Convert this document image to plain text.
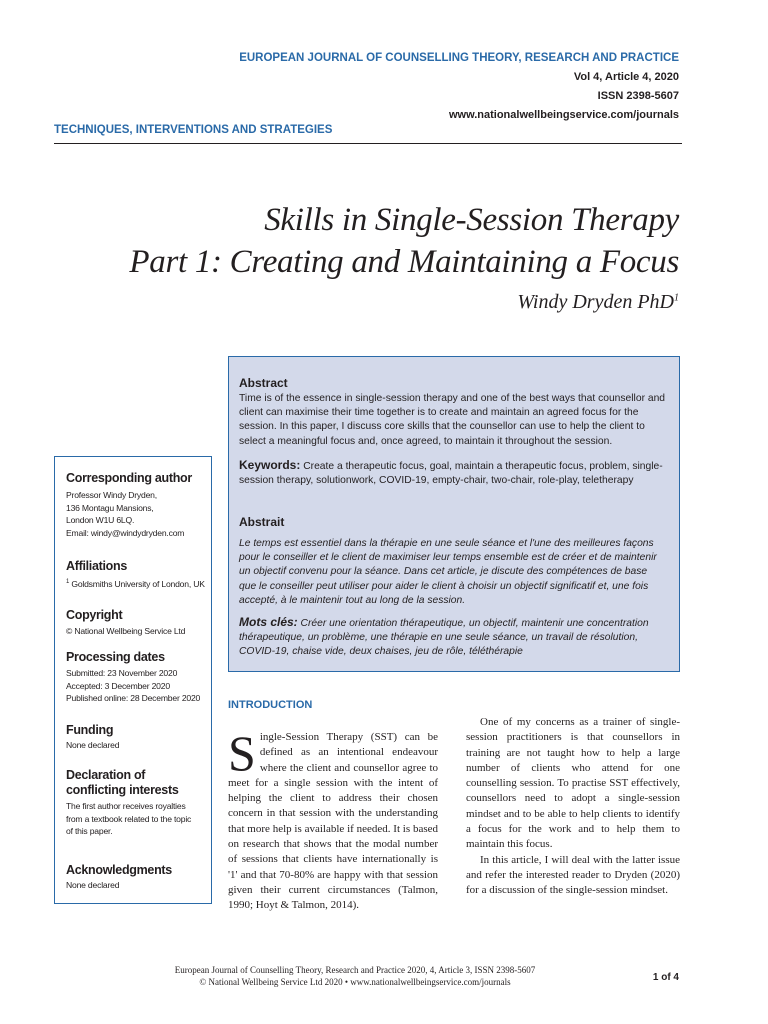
EUROPEAN JOURNAL OF COUNSELLING THEORY, RESEARCH AND PRACTICE
Vol 4, Article 4, 2020
ISSN 2398-5607
www.nationalwellbeingservice.com/journals
TECHNIQUES, INTERVENTIONS AND STRATEGIES
Skills in Single-Session Therapy
Part 1: Creating and Maintaining a Focus
Windy Dryden PhD$^1$
Abstract
Time is of the essence in single-session therapy and one of the best ways that counsellor and client can maximise their time together is to create and maintain an agreed focus for the session. In this paper, I discuss core skills that the counsellor can use to help the client to select a meaningful focus and, once agreed, to maintain it throughout the session.
Keywords: Create a therapeutic focus, goal, maintain a therapeutic focus, problem, single-session therapy, solutionwork, COVID-19, empty-chair, two-chair, role-play, teletherapy
Abstrait
Le temps est essentiel dans la thérapie en une seule séance et l'une des meilleures façons pour le conseiller et le client de maximiser leur temps ensemble est de créer et de maintenir un objectif convenu pour la séance. Dans cet article, je discute des compétences de base que le conseiller peut utiliser pour aider le client à choisir un objectif significatif et, une fois accepté, à le maintenir tout au long de la session.
Mots clés: Créer une orientation thérapeutique, un objectif, maintenir une concentration thérapeutique, un problème, une thérapie en une seule séance, un travail de résolution, COVID-19, chaise vide, deux chaises, jeu de rôle, téléthérapie
Corresponding author
Professor Windy Dryden,
136 Montagu Mansions,
London W1U 6LQ.
Email: windy@windydryden.com
Affiliations
$^1$ Goldsmiths University of London, UK
Copyright
© National Wellbeing Service Ltd
Processing dates
Submitted: 23 November 2020
Accepted: 3 December 2020
Published online: 28 December 2020
Funding
None declared
Declaration of
conflicting interests
The first author receives royalties from a textbook related to the topic of this paper.
Acknowledgments
None declared
INTRODUCTION

Single-Session Therapy (SST) can be defined as an intentional endeavour where the client and counsellor agree to meet for a single session with the intent of helping the client to address their chosen concern in that session with the understanding that more help is available if needed. It is based on research that shows that the modal number of sessions that clients have internationally is '1' and that 70-80% are happy with that session given their current circumstances (Talmon, 1990; Hoyt & Talmon, 2014).

One of my concerns as a trainer of single-session practitioners is that counsellors in training are not taught how to help a large number of clients who attend for one counselling session. To practise SST effectively, counsellors need to adopt a single-session mindset and to be able to help clients to identify a focus for the work and to help them to maintain this focus.

In this article, I will deal with the latter issue and refer the interested reader to Dryden (2020) for a discussion of the single-session mindset.

European Journal of Counselling Theory, Research and Practice 2020, 4, Article 3, ISSN 2398-5607
© National Wellbeing Service Ltd 2020 • www.nationalwellbeingservice.com/journals	1 of 4
